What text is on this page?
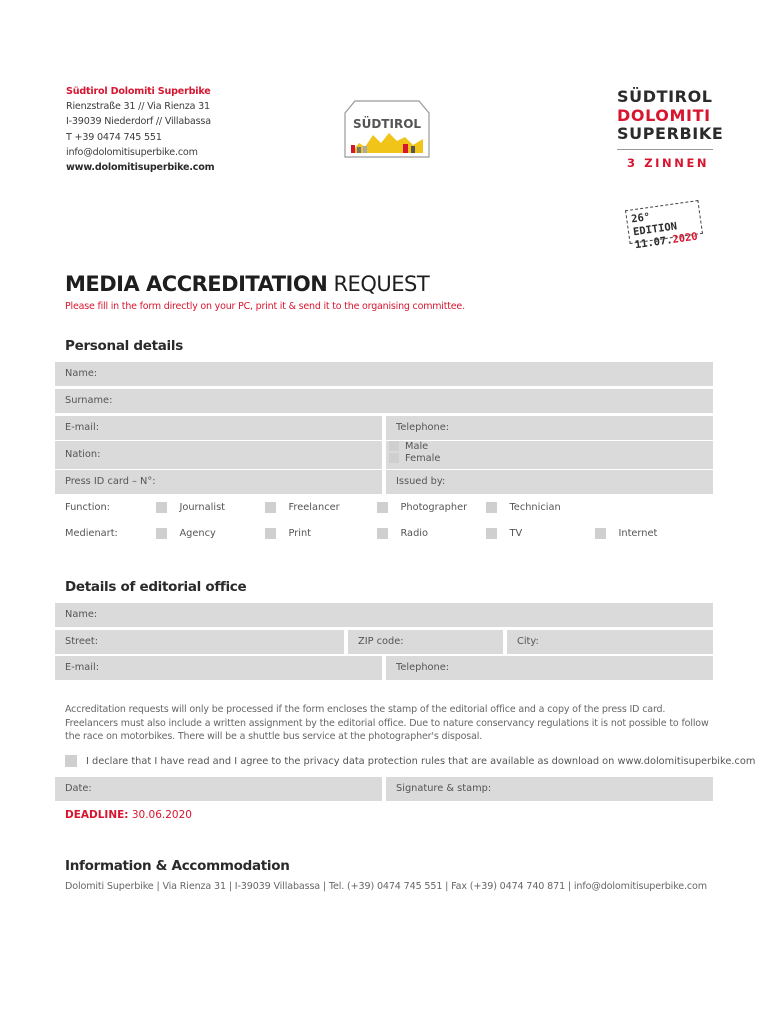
Südtirol Dolomiti Superbike
Rienzstraße 31 // Via Rienza 31
I-39039 Niederdorf // Villabassa
T +39 0474 745 551
info@dolomitisuperbike.com
www.dolomitisuperbike.com
SÜDTIROL
SÜDTIROL
DOLOMITI
SUPERBIKE
3 ZINNEN
26° EDITION
11.07.2020
MEDIA ACCREDITATION REQUEST
Please fill in the form directly on your PC, print it & send it to the organising committee.
Personal details
Name:
Surname:
E-mail:	Telephone:
Nation:
Male
Female
Press ID card – N°:	Issued by:
Function:	Journalist	Freelancer	Photographer	Technician
Medienart:	Agency	Print	Radio	TV	Internet
Details of editorial office
Name:
Street:	ZIP code:	City:
E-mail:	Telephone:
Accreditation requests will only be processed if the form encloses the stamp of the editorial office and a copy of the press ID card. Freelancers must also include a written assignment by the editorial office. Due to nature conservancy regulations it is not possible to follow the race on motorbikes. There will be a shuttle bus service at the photographer's disposal.
I declare that I have read and I agree to the privacy data protection rules that are available as download on www.dolomitisuperbike.com
Date:	Signature & stamp:
DEADLINE: 30.06.2020
Information & Accommodation
Dolomiti Superbike | Via Rienza 31 | I-39039 Villabassa | Tel. (+39) 0474 745 551 | Fax (+39) 0474 740 871 | info@dolomitisuperbike.com
